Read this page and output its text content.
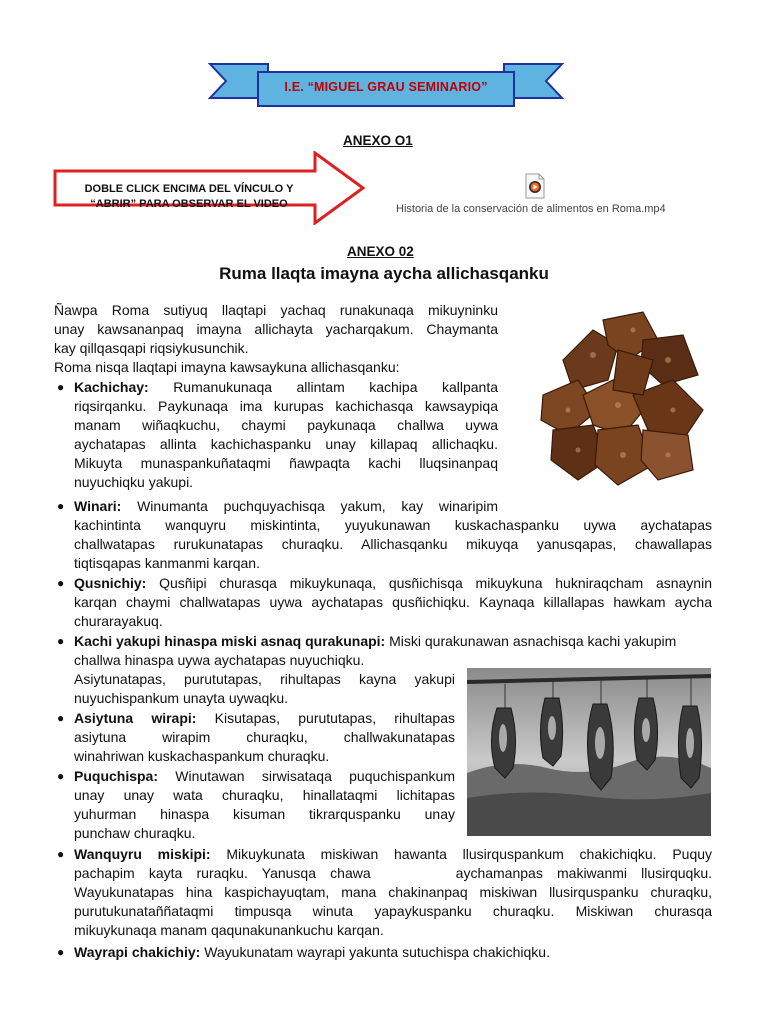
I.E. “MIGUEL GRAU SEMINARIO”
ANEXO O1
DOBLE CLICK ENCIMA DEL VÍNCULO Y
“ABRIR” PARA OBSERVAR EL VIDEO	Historia de la conservación de alimentos en Roma.mp4
ANEXO 02
Ruma llaqta imayna aycha allichasqanku
Ñawpa Roma sutiyuq llaqtapi yachaq runakunaqa mikuyninku
unay kawsananpaq imayna allichayta yacharqakum. Chaymanta
kay qillqasqapi riqsiykusunchik.
Roma nisqa llaqtapi imayna kawsaykuna allichasqanku:
● Kachichay: Rumanukunaqa allintam kachipa kallpanta
riqsirqanku. Paykunaqa ima kurupas kachichasqa kawsaypiqa
manam wiñaqkuchu, chaymi paykunaqa challwa uywa
aychatapas allinta kachichaspanku unay killapaq allichaqku.
Mikuyta munaspankuñataqmi ñawpaqta kachi lluqsinanpaq
nuyuchiqku yakupi.
● Winari: Winumanta puchquyachisqa yakum, kay winaripim
kachintinta wanquyru miskintinta, yuyukunawan kuskachaspanku uywa aychatapas
challwatapas rurukunatapas churaqku. Allichasqanku mikuyqa yanusqapas, chawallapas
tiqtisqapas kanmanmi karqan.
● Qusnichiy: Qusñipi churasqa mikuykunaqa, qusñichisqa mikuykuna hukniraqcham asnaynin
karqan chaymi challwatapas uywa aychatapas qusñichiqku. Kaynaqa killallapas hawkam aycha
churarayakuq.
● Kachi yakupi hinaspa miski asnaq qurakunapi: Miski qurakunawan asnachisqa kachi yakupim
challwa hinaspa uywa aychatapas nuyuchiqku.
Asiytunatapas, purututapas, rihultapas kayna yakupi
nuyuchispankum unayta uywaqku.
● Asiytuna wirapi: Kisutapas, purututapas, rihultapas
asiytuna wirapim churaqku, challwakunatapas
winahriwan kuskachaspankum churaqku.
● Puquchispa: Winutawan sirwisataqa puquchispankum
unay unay wata churaqku, hinallataqmi lichitapas
yuhurman hinaspa kisuman tikrarquspanku unay
punchaw churaqku.
● Wanquyru miskipi: Mikuykunata miskiwan hawanta llusirquspankum chakichiqku. Puquy
pachapim kayta ruraqku. Yanusqa chawa      aychamanpas makiwanmi llusirquqku.
Wayukunatapas hina kaspichayuqtam, mana chakinanpaq miskiwan llusirquspanku churaqku,
purutukunataññataqmi timpusqa winuta yapaykuspanku churaqku. Miskiwan churasqa
mikuykunaqa manam qaqunakunankuchu karqan.
● Wayrapi chakichiy: Wayukunatam wayrapi yakunta sutuchispa chakichiqku.
